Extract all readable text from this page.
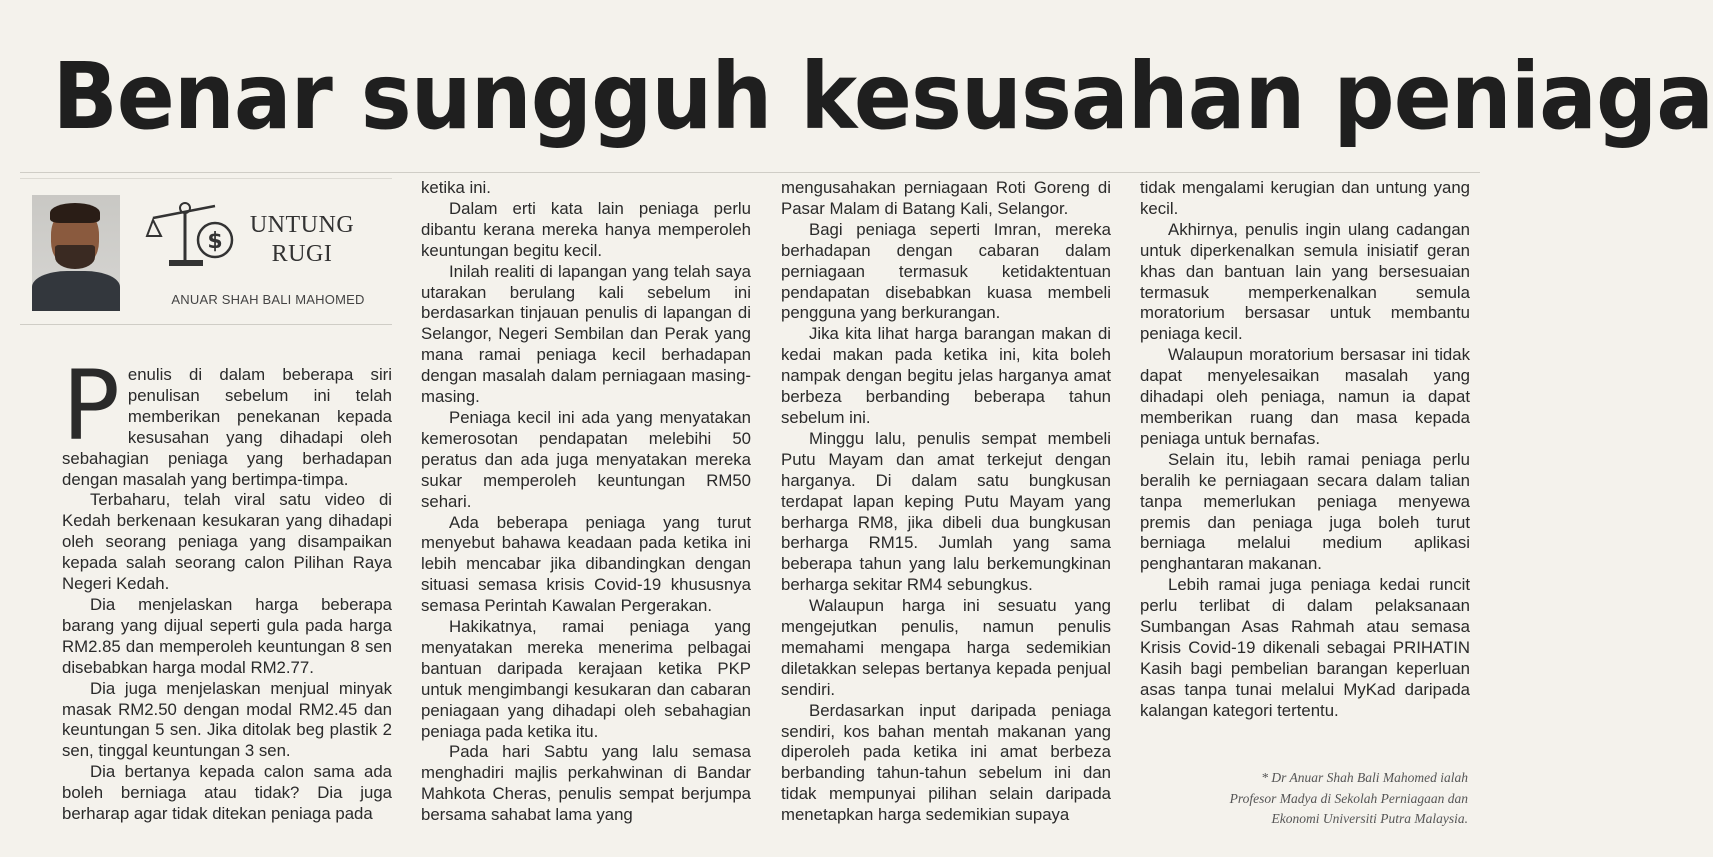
Benar sungguh kesusahan peniaga
$
UNTUNG
RUGI
ANUAR SHAH BALI MAHOMED

Penulis di dalam beberapa siri penulisan sebelum ini telah memberikan penekanan kepada kesusahan yang dihadapi oleh sebahagian peniaga yang berhadapan dengan masalah yang bertimpa-timpa.

Terbaharu, telah viral satu video di Kedah berkenaan kesukaran yang dihadapi oleh seorang peniaga yang disampaikan kepada salah seorang calon Pilihan Raya Negeri Kedah.

Dia menjelaskan harga beberapa barang yang dijual seperti gula pada harga RM2.85 dan memperoleh keuntungan 8 sen disebabkan harga modal RM2.77.

Dia juga menjelaskan menjual minyak masak RM2.50 dengan modal RM2.45 dan keuntungan 5 sen. Jika ditolak beg plastik 2 sen, tinggal keuntungan 3 sen.

Dia bertanya kepada calon sama ada boleh berniaga atau tidak? Dia juga berharap agar tidak ditekan peniaga pada

ketika ini.

Dalam erti kata lain peniaga perlu dibantu kerana mereka hanya memperoleh keuntungan begitu kecil.

Inilah realiti di lapangan yang telah saya utarakan berulang kali sebelum ini berdasarkan tinjauan penulis di lapangan di Selangor, Negeri Sembilan dan Perak yang mana ramai peniaga kecil berhadapan dengan masalah dalam perniagaan masing-masing.

Peniaga kecil ini ada yang menyatakan kemerosotan pendapatan melebihi 50 peratus dan ada juga menyatakan mereka sukar memperoleh keuntungan RM50 sehari.

Ada beberapa peniaga yang turut menyebut bahawa keadaan pada ketika ini lebih mencabar jika dibandingkan dengan situasi semasa krisis Covid-19 khususnya semasa Perintah Kawalan Pergerakan.

Hakikatnya, ramai peniaga yang menyatakan mereka menerima pelbagai bantuan daripada kerajaan ketika PKP untuk mengimbangi kesukaran dan cabaran peniagaan yang dihadapi oleh sebahagian peniaga pada ketika itu.

Pada hari Sabtu yang lalu semasa menghadiri majlis perkahwinan di Bandar Mahkota Cheras, penulis sempat berjumpa bersama sahabat lama yang

mengusahakan perniagaan Roti Goreng di Pasar Malam di Batang Kali, Selangor.

Bagi peniaga seperti Imran, mereka berhadapan dengan cabaran dalam perniagaan termasuk ketidaktentuan pendapatan disebabkan kuasa membeli pengguna yang berkurangan.

Jika kita lihat harga barangan makan di kedai makan pada ketika ini, kita boleh nampak dengan begitu jelas harganya amat berbeza berbanding beberapa tahun sebelum ini.

Minggu lalu, penulis sempat membeli Putu Mayam dan amat terkejut dengan harganya. Di dalam satu bungkusan terdapat lapan keping Putu Mayam yang berharga RM8, jika dibeli dua bungkusan berharga RM15. Jumlah yang sama beberapa tahun yang lalu berkemungkinan berharga sekitar RM4 sebungkus.

Walaupun harga ini sesuatu yang mengejutkan penulis, namun penulis memahami mengapa harga sedemikian diletakkan selepas bertanya kepada penjual sendiri.

Berdasarkan input daripada peniaga sendiri, kos bahan mentah makanan yang diperoleh pada ketika ini amat berbeza berbanding tahun-tahun sebelum ini dan tidak mempunyai pilihan selain daripada menetapkan harga sedemikian supaya

tidak mengalami kerugian dan untung yang kecil.

Akhirnya, penulis ingin ulang cadangan untuk diperkenalkan semula inisiatif geran khas dan bantuan lain yang bersesuaian termasuk memperkenalkan semula moratorium bersasar untuk membantu peniaga kecil.

Walaupun moratorium bersasar ini tidak dapat menyelesaikan masalah yang dihadapi oleh peniaga, namun ia dapat memberikan ruang dan masa kepada peniaga untuk bernafas.

Selain itu, lebih ramai peniaga perlu beralih ke perniagaan secara dalam talian tanpa memerlukan peniaga menyewa premis dan peniaga juga boleh turut berniaga melalui medium aplikasi penghantaran makanan.

Lebih ramai juga peniaga kedai runcit perlu terlibat di dalam pelaksanaan Sumbangan Asas Rahmah atau semasa Krisis Covid-19 dikenali sebagai PRIHATIN Kasih bagi pembelian barangan keperluan asas tanpa tunai melalui MyKad daripada kalangan kategori tertentu.

* Dr Anuar Shah Bali Mahomed ialah
Profesor Madya di Sekolah Perniagaan dan
Ekonomi Universiti Putra Malaysia.
